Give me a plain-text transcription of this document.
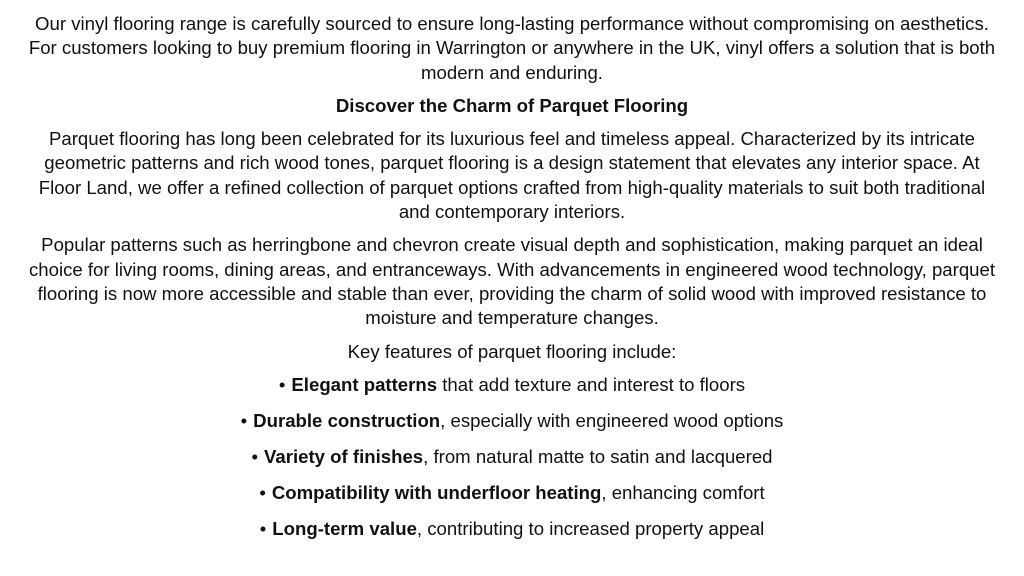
Our vinyl flooring range is carefully sourced to ensure long-lasting performance without compromising on aesthetics. For customers looking to buy premium flooring in Warrington or anywhere in the UK, vinyl offers a solution that is both modern and enduring.

Discover the Charm of Parquet Flooring

Parquet flooring has long been celebrated for its luxurious feel and timeless appeal. Characterized by its intricate geometric patterns and rich wood tones, parquet flooring is a design statement that elevates any interior space. At Floor Land, we offer a refined collection of parquet options crafted from high-quality materials to suit both traditional and contemporary interiors.

Popular patterns such as herringbone and chevron create visual depth and sophistication, making parquet an ideal choice for living rooms, dining areas, and entranceways. With advancements in engineered wood technology, parquet flooring is now more accessible and stable than ever, providing the charm of solid wood with improved resistance to moisture and temperature changes.

Key features of parquet flooring include:

• Elegant patterns that add texture and interest to floors
• Durable construction, especially with engineered wood options
• Variety of finishes, from natural matte to satin and lacquered
• Compatibility with underfloor heating, enhancing comfort
• Long-term value, contributing to increased property appeal
